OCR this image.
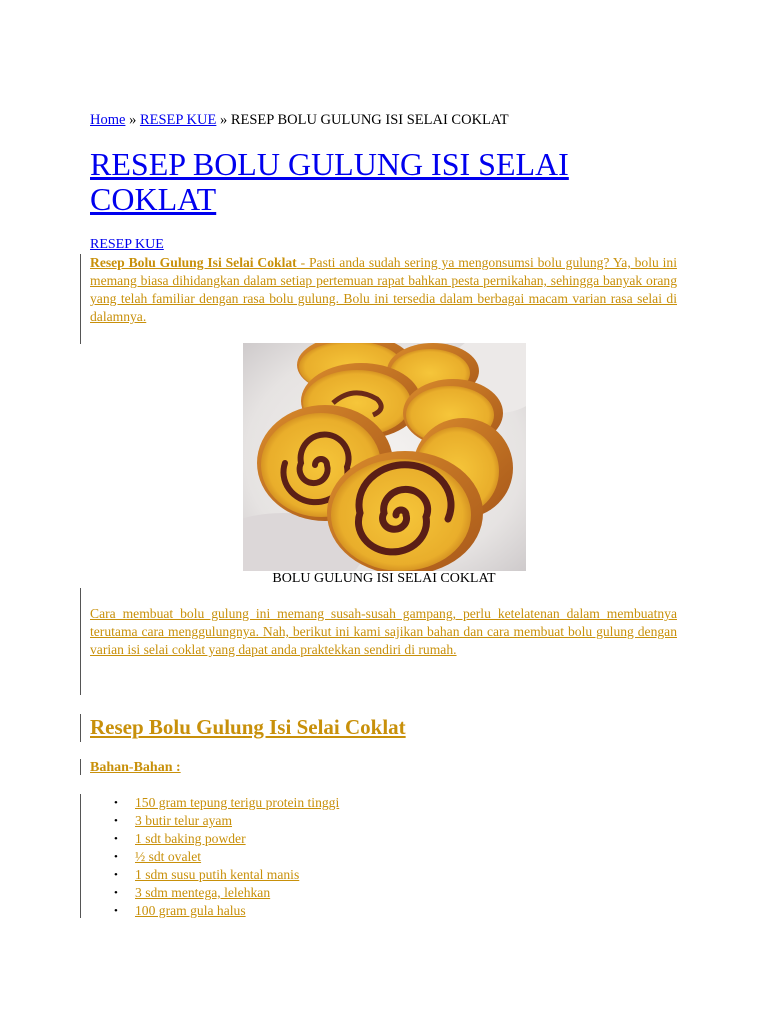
Home » RESEP KUE » RESEP BOLU GULUNG ISI SELAI COKLAT
RESEP BOLU GULUNG ISI SELAI COKLAT
RESEP KUE

Resep Bolu Gulung Isi Selai Coklat - Pasti anda sudah sering ya mengonsumsi bolu gulung? Ya, bolu ini memang biasa dihidangkan dalam setiap pertemuan rapat bahkan pesta pernikahan, sehingga banyak orang yang telah familiar dengan rasa bolu gulung. Bolu ini tersedia dalam berbagai macam varian rasa selai di dalamnya.

BOLU GULUNG ISI SELAI COKLAT

Cara membuat bolu gulung ini memang susah-susah gampang, perlu ketelatenan dalam membuatnya terutama cara menggulungnya. Nah, berikut ini kami sajikan bahan dan cara membuat bolu gulung dengan varian isi selai coklat yang dapat anda praktekkan sendiri di rumah.

Resep Bolu Gulung Isi Selai Coklat

Bahan-Bahan :

• 150 gram tepung terigu protein tinggi
• 3 butir telur ayam
• 1 sdt baking powder
• ½ sdt ovalet
• 1 sdm susu putih kental manis
• 3 sdm mentega, lelehkan
• 100 gram gula halus
